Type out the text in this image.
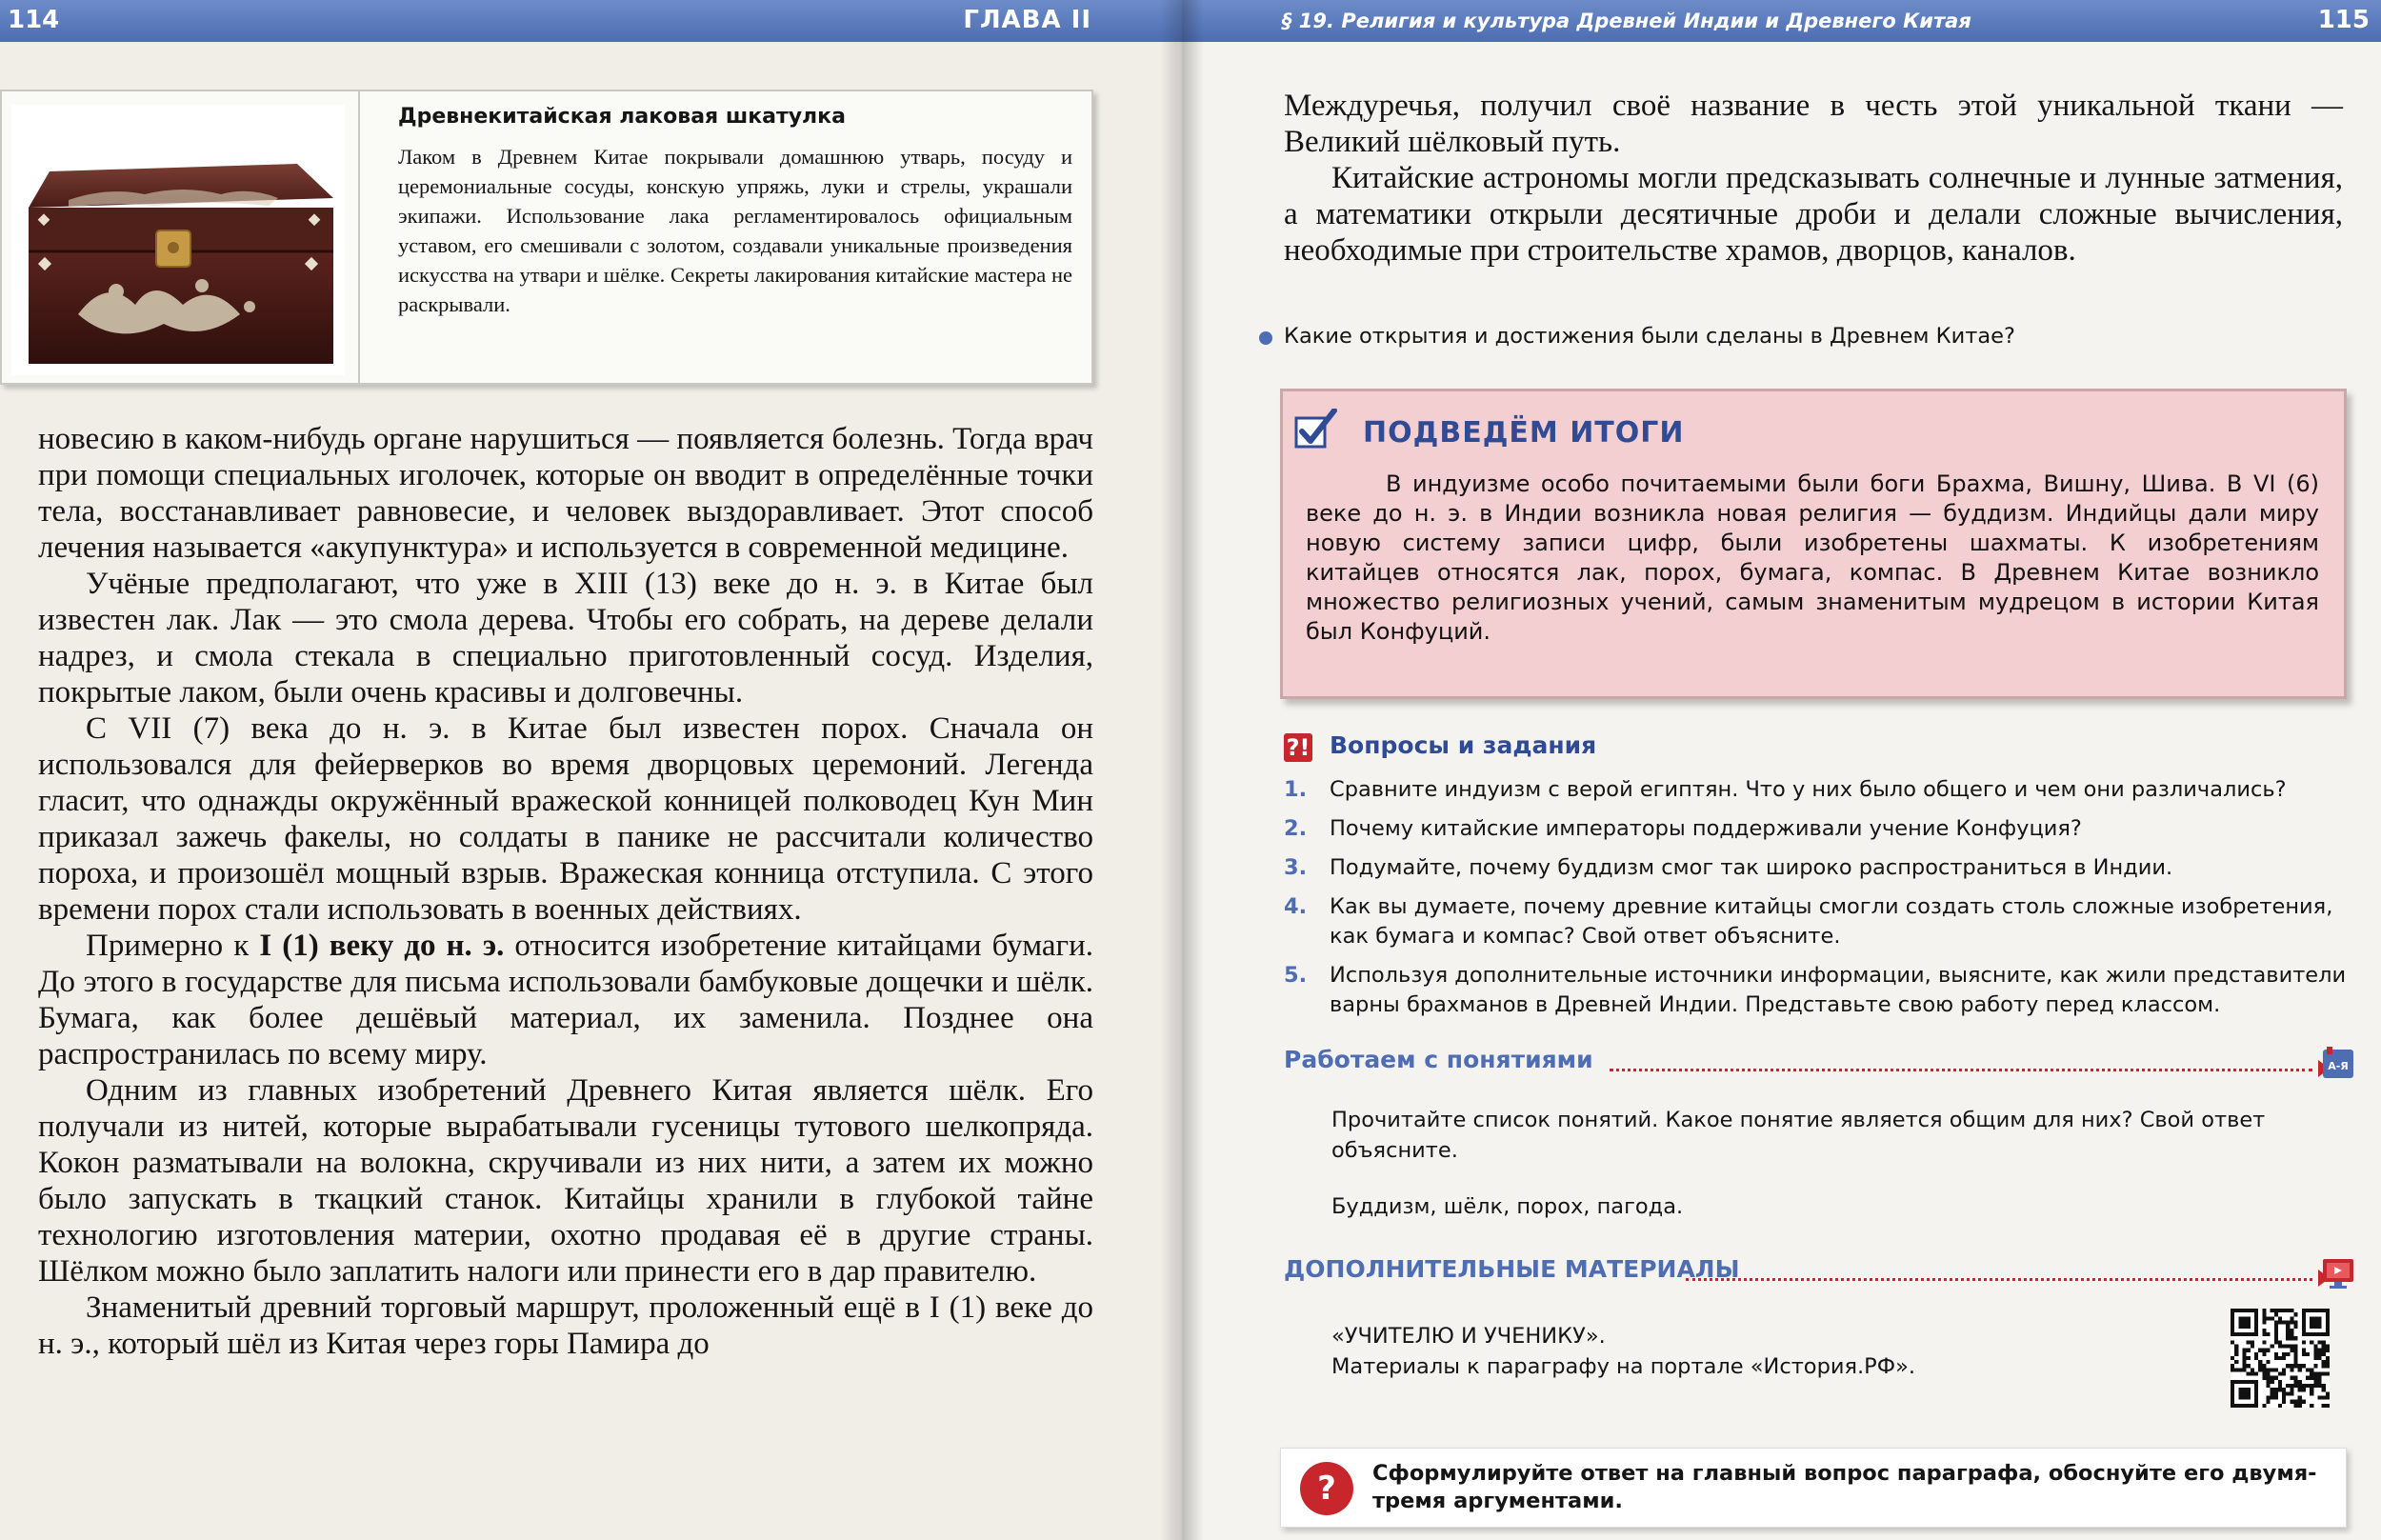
114	ГЛАВА II
Древнекитайская лаковая шкатулка
Лаком в Древнем Китае покрывали домашнюю утварь, посуду и церемониальные сосуды, конскую упряжь, луки и стрелы, украшали экипажи. Использование лака регламентировалось официальным уставом, его смешивали с золотом, создавали уникальные произведения искусства на утвари и шёлке. Секреты лакирования китайские мастера не раскрывали.

новесию в каком-нибудь органе нарушиться — появляется болезнь. Тогда врач при помощи специальных иголочек, которые он вводит в определённые точки тела, восстанавливает равновесие, и человек выздоравливает. Этот способ лечения называется «акупунктура» и используется в современной медицине.

Учёные предполагают, что уже в XIII (13) веке до н. э. в Китае был известен лак. Лак — это смола дерева. Чтобы его собрать, на дереве делали надрез, и смола стекала в специально приготовленный сосуд. Изделия, покрытые лаком, были очень красивы и долговечны.

С VII (7) века до н. э. в Китае был известен порох. Сначала он использовался для фейерверков во время дворцовых церемоний. Легенда гласит, что однажды окружённый вражеской конницей полководец Кун Мин приказал зажечь факелы, но солдаты в панике не рассчитали количество пороха, и произошёл мощный взрыв. Вражеская конница отступила. С этого времени порох стали использовать в военных действиях.

Примерно к I (1) веку до н. э. относится изобретение китайцами бумаги. До этого в государстве для письма использовали бамбуковые дощечки и шёлк. Бумага, как более дешёвый материал, их заменила. Позднее она распространилась по всему миру.

Одним из главных изобретений Древнего Китая является шёлк. Его получали из нитей, которые вырабатывали гусеницы тутового шелкопряда. Кокон разматывали на волокна, скручивали из них нити, а затем их можно было запускать в ткацкий станок. Китайцы хранили в глубокой тайне технологию изготовления материи, охотно продавая её в другие страны. Шёлком можно было заплатить налоги или принести его в дар правителю.

Знаменитый древний торговый маршрут, проложенный ещё в I (1) веке до н. э., который шёл из Китая через горы Памира до

§ 19. Религия и культура Древней Индии и Древнего Китая	115

Междуречья, получил своё название в честь этой уникальной ткани — Великий шёлковый путь.

Китайские астрономы могли предсказывать солнечные и лунные затмения, а математики открыли десятичные дроби и делали сложные вычисления, необходимые при строительстве храмов, дворцов, каналов.

Какие открытия и достижения были сделаны в Древнем Китае?
ПОДВЕДЁМ ИТОГИ
В индуизме особо почитаемыми были боги Брахма, Вишну, Шива. В VI (6) веке до н. э. в Индии возникла новая религия — буддизм. Индийцы дали миру новую систему записи цифр, были изобретены шахматы. К изобретениям китайцев относятся лак, порох, бумага, компас. В Древнем Китае возникло множество религиозных учений, самым знаменитым мудрецом в истории Китая был Конфуций.
?! Вопросы и задания
1. Сравните индуизм с верой египтян. Что у них было общего и чем они различались?
2. Почему китайские императоры поддерживали учение Конфуция?
3. Подумайте, почему буддизм смог так широко распространиться в Индии.
4. Как вы думаете, почему древние китайцы смогли создать столь сложные изобретения, как бумага и компас? Свой ответ объясните.
5. Используя дополнительные источники информации, выясните, как жили представители варны брахманов в Древней Индии. Представьте свою работу перед классом.
Работаем с понятиями	А-Я
Прочитайте список понятий. Какое понятие является общим для них? Свой ответ объясните.
Буддизм, шёлк, порох, пагода.
ДОПОЛНИТЕЛЬНЫЕ МАТЕРИАЛЫ
«УЧИТЕЛЮ И УЧЕНИКУ».
Материалы к параграфу на портале «История.РФ».
?	Сформулируйте ответ на главный вопрос параграфа, обоснуйте его двумя-тремя аргументами.
